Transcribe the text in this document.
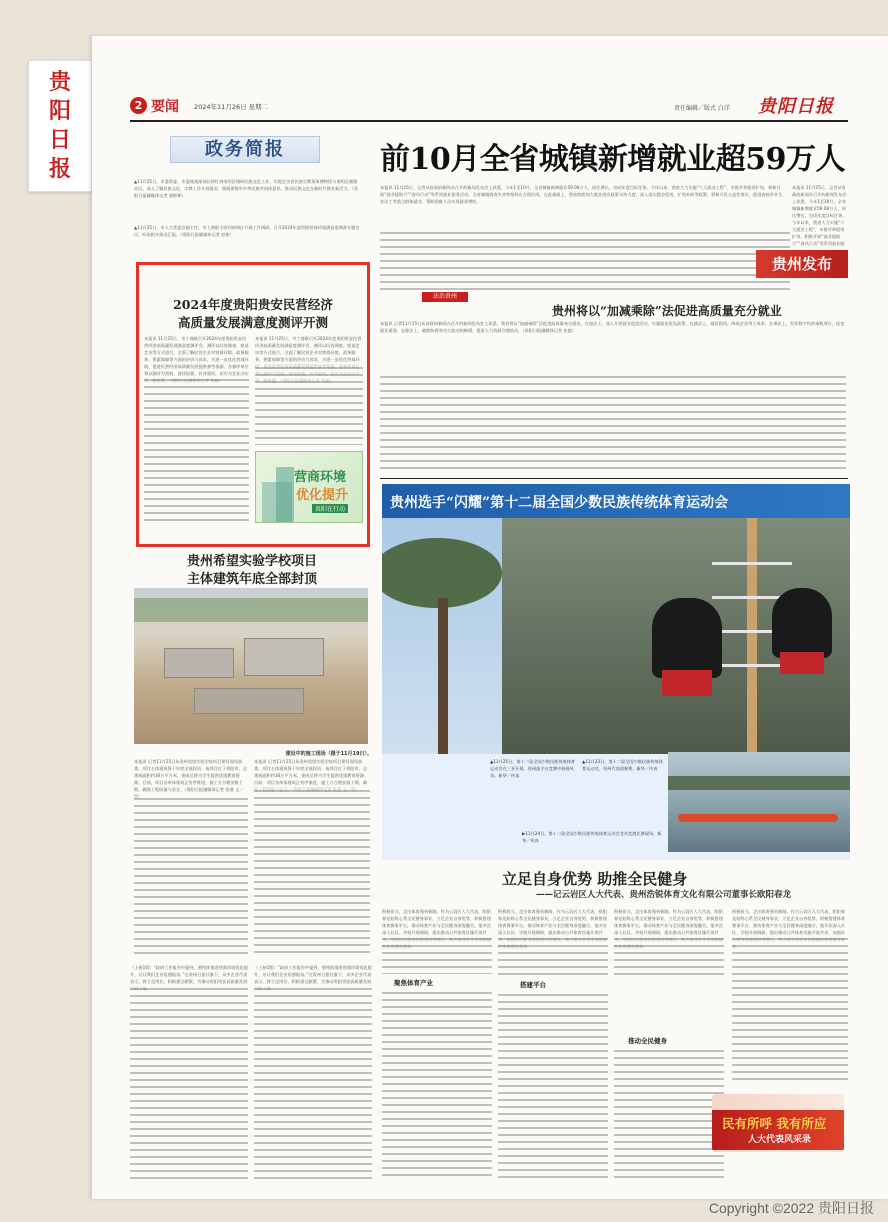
贵
阳
日
报
2 要闻 2024年11月26日 星期二	责任编辑／版式 白洋 贵阳日报
政务简报
▲11月25日，市委常委、市委统战部部长徐红到南明区调研民族文化工作。实地走访省民族宗教事务博物馆与南明区湘雅社区，深入了解民族文化、宗教工作开展情况，强调要铸牢中华民族共同体意识，推动民族文化在新时代焕发新活力。（贵阳日报融媒体记者 郭彬彬）
▲11月25日，市人大常委会副主任、市工商联主席到南明区开展工作调研。召开2024年度贵阳营商环境满意度调查专题会议，听取相关情况汇报。（贵阳日报融媒体记者 赵彬）
前10月全省城镇新增就业超59万人
本报讯 11月25日，记者从省政府新闻办召开的新闻发布会上获悉，今年1至10月，全省城镇新增就业59.08万人，同比增长，完成年度目标任务。今年以来，我省大力实施“六大就业工程”，多措并举稳岗扩岗，积极开展“就业援助月”“春风行动”等系列就业服务活动，全省城镇调查失业率保持在合理区间。在此基础上，我省持续加大就业创业政策支持力度，深入落实援企稳岗、扩岗补助等政策，积极开发公益性岗位，促进高校毕业生、农民工等重点群体就业，帮助困难人员实现就业增收。
本报讯 11月25日，记者从省政府新闻办召开的新闻发布会上获悉，今年1至10月，全省城镇新增就业59.08万人，同比增长，完成年度目标任务。今年以来，我省大力实施“六大就业工程”，多措并举稳岗扩岗，积极开展“就业援助月”“春风行动”等系列就业服
贵州发布
法治贵州
贵州将以“加减乘除”法促进高质量充分就业
本报讯 记者11月25日从省政府新闻办召开的新闻发布会上获悉，我省将以“加减乘除”法促进高质量充分就业。在加法上，深入开展就业促进活动，实施就业优先政策；在减法上，减负稳岗，降低企业用工成本；在乘法上，发挥数字经济乘数效应，拓宽就业渠道；在除法上，破除妨碍劳动力流动的障碍，促进人力资源合理流动。（贵阳日报融媒体记者 张鹿）
2024年度贵阳贵安民营经济
高质量发展满意度测评开测
本报讯 11月25日，市工商联召开2024年度贵阳贵安民营经济高质量发展满意度测评会。测评以问卷调查、座谈走访等方式进行，全面了解民营企业对营商环境、政务服务、要素保障等方面的评价与诉求，为进一步优化营商环境、促进民营经济高质量发展提供参考依据。各参评单位将以测评为契机，查找短板、补齐弱项，切实为企业办实
本报讯 11月25日，市工商联召开2024年度贵阳贵安民营经济高质量发展满意度测评会。测评以问卷调查、座谈走访等方式进行，全面了解民营企业对营商环境、政务服务、要素保障等方面的评价与诉求，为进一步优化营商环
营商环境
优化提升
贵阳在行动
贵州希望实验学校项目
主体建筑年底全部封顶
建设中的施工现场（摄于11月19日）。
本报讯 记者11月25日从贵州希望实验学校项目建设现场获悉，项目主体建筑将于年底全部封顶。该项目位于贵阳市，总建筑面积约30万平方米，建成后将为学生提供优质教育资源。目前，项目各单体建筑正有序推进，施工方合理安排工期，确保工程质量与安全。（贵阳日报融媒体记者 张曼 文／
本报讯 记者11月25日从贵州希望实验学校项目建设现场获悉，项目主体建筑将于年底全部封顶。该项目位于贵阳市，总建筑面积约30万平方米，建成后将为学生提供优质教育资源。目前，项目各单体建筑正有序推进，施工方合理安排工期，确
贵州选手“闪耀”第十二届全国少数民族传统体育运动会
▲11月25日，第十二届全国少数民族传统体育运动会在三亚开幕，贵州选手在竞赛中展现风采。新华／传真
▲11月23日，第十二届全国少数民族传统体育运动会，贵州代表团参赛。新华／传真
▶11月24日，第十二届全国少数民族传统体育运动会龙舟竞渡比赛现场。新华／传真
立足自身优势 助推全民健身
——记云岩区人大代表、贵州浩锐体育文化有限公司董事长欧阳春龙
积极担当，走出体育强省新路。作为云岩区人大代表，欧阳春龙始终心系全民健身事业，立足企业自身优势，积极搭建体育赛事平台，推动体育产业与全民健身深度融合。他多次深入社区、学校开展调研，提出推动公共体育设施开放共
聚焦体育产业
积极担当，走出体育强省新路。作为云岩区人大代表，欧阳春龙始终心系全民健身事业，立足企业自身优势，积极搭建体育赛事平台，推动体育产业与全民健身深度融合。他多次深入社区、学校开展调研，提出推动公共体育设施开放共
搭建平台
积极担当，走出体育强省新路。作为云岩区人大代表，欧阳春龙始终心系全民健身事业，立足企业自身优势，积极搭建体育赛事平台，推动体育产业与全民健身深度融合。他多次深入社区、学校开展调研，提出推动公共体育设施开放共
推动全民健身
积极担当，走出体育强省新路。作为云岩区人大代表，欧阳春龙始终心系全民健身事业，立足企业自身优势，积极搭建体育赛事平台，推动体育产业与全民健身深度融合。他多次深入社区、学校开展调研，提出推动公共体育设施开放共享、加强社
民有所呼 我有所应
人大代表风采录
（上接1版）“政府工作报告中提到，要持续推进营商环境优化提升，这让我们企业倍感振奋。”在贵州日报社旗下，众多企业代表表示，将立足岗位，积极建言献策，为推动贵阳贵安高质量发展
（上接1版）“政府工作报告中提到，要持续推进营商环境优化提升，这让我们企业倍感振奋。”在贵州日报社旗下，众多企业代表表示，将立足岗位，积极建言献策，为推动贵阳贵安高质量发展
Copyright ©2022 贵阳日报
